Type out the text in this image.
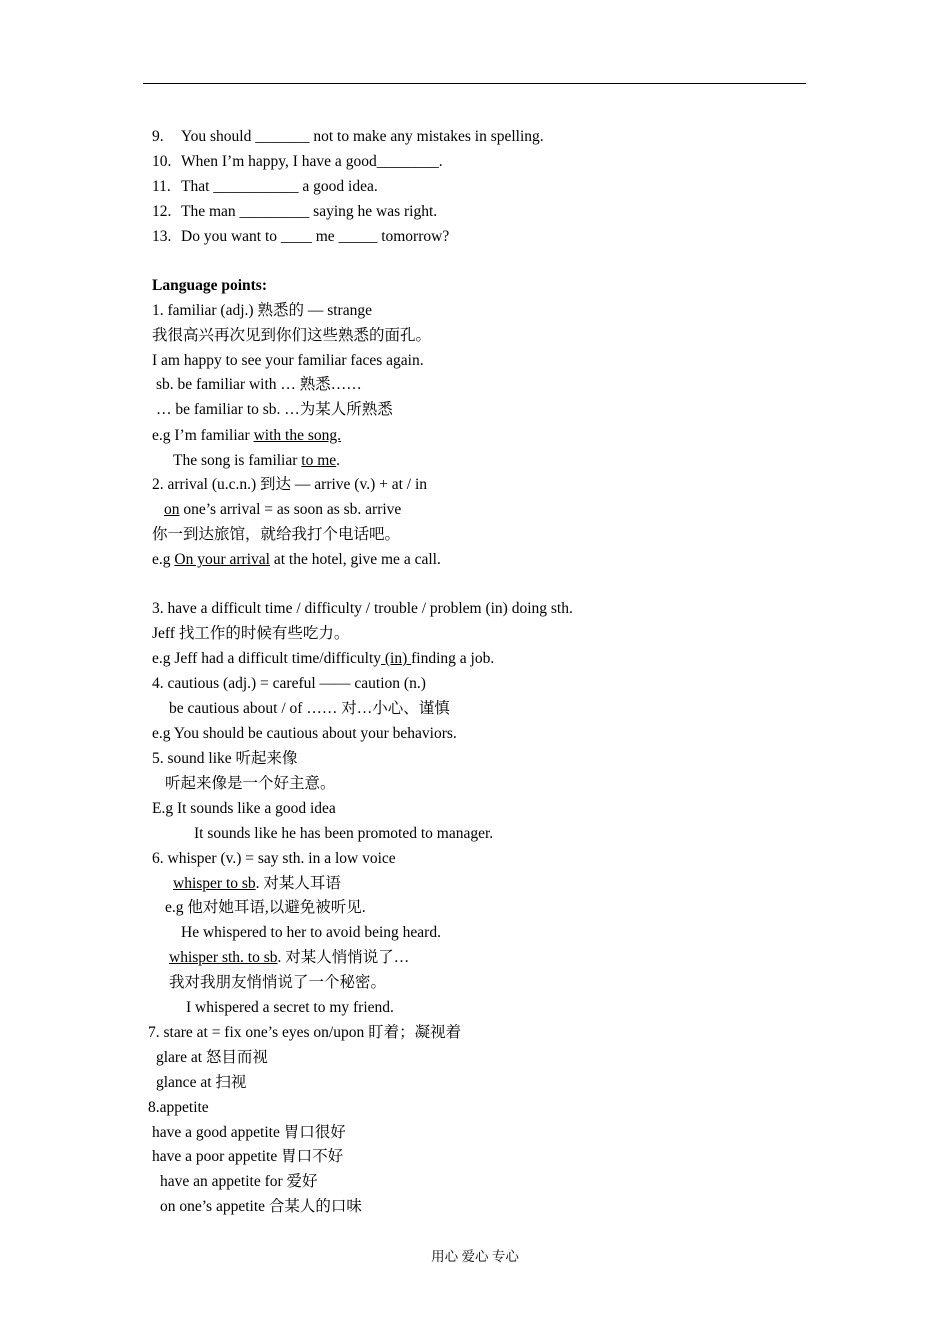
9. You should _______ not to make any mistakes in spelling.
10. When I’m happy, I have a good________.
11. That ___________ a good idea.
12. The man _________ saying he was right.
13. Do you want to ____ me _____ tomorrow?
Language points:
1. familiar (adj.) 熟悉的 — strange
我很高兴再次见到你们这些熟悉的面孔。
I am happy to see your familiar faces again.
sb. be familiar with … 熟悉……
… be familiar to sb. …为某人所熟悉
e.g I’m familiar with the song.
The song is familiar to me.
2. arrival (u.c.n.) 到达 — arrive (v.) + at / in
on one’s arrival = as soon as sb. arrive
你一到达旅馆，就给我打个电话吧。
e.g On your arrival at the hotel, give me a call.
3. have a difficult time / difficulty / trouble / problem (in) doing sth.
Jeff 找工作的时候有些吃力。
e.g Jeff had a difficult time/difficulty (in) finding a job.
4. cautious (adj.) = careful —— caution (n.)
be cautious about / of …… 对…小心、谨慎
e.g You should be cautious about your behaviors.
5. sound like 听起来像
听起来像是一个好主意。
E.g It sounds like a good idea
It sounds like he has been promoted to manager.
6. whisper (v.) = say sth. in a low voice
whisper to sb. 对某人耳语
e.g 他对她耳语,以避免被听见.
He whispered to her to avoid being heard.
whisper sth. to sb. 对某人悄悄说了…
我对我朋友悄悄说了一个秘密。
I whispered a secret to my friend.
7. stare at = fix one’s eyes on/upon 盯着；凝视着
glare at 怒目而视
glance at 扫视
8.appetite
have a good appetite 胃口很好
have a poor appetite 胃口不好
have an appetite for 爱好
on one’s appetite 合某人的口味
用心 爱心 专心
